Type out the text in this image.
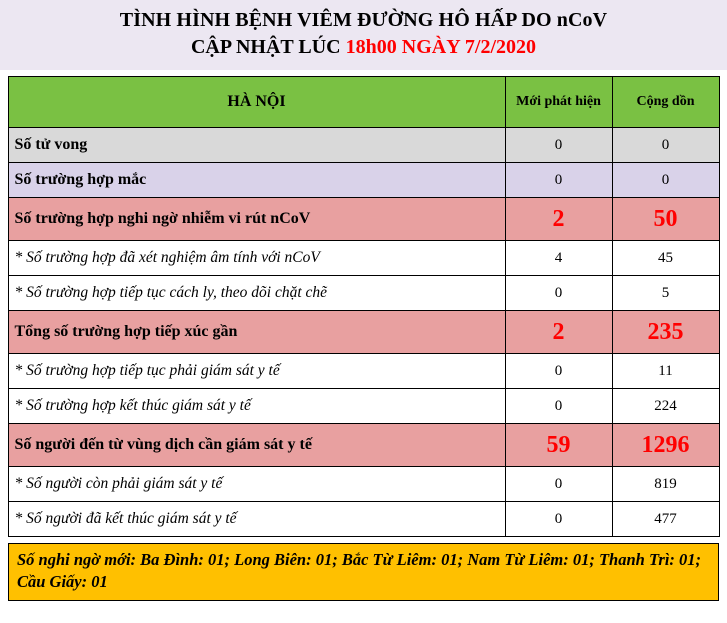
TÌNH HÌNH BỆNH VIÊM ĐƯỜNG HÔ HẤP DO nCoV
CẬP NHẬT LÚC 18h00 NGÀY 7/2/2020
HÀ NỘI	Mới phát hiện	Cộng dồn
Số tử vong	0	0
Số trường hợp mắc	0	0
Số trường hợp nghi ngờ nhiễm vi rút nCoV	2	50
* Số trường hợp đã xét nghiệm âm tính với nCoV	4	45
* Số trường hợp tiếp tục cách ly, theo dõi chặt chẽ	0	5
Tổng số trường hợp tiếp xúc gần	2	235
* Số trường hợp tiếp tục phải giám sát y tế	0	11
* Số trường hợp kết thúc giám sát y tế	0	224
Số người đến từ vùng dịch cần giám sát y tế	59	1296
* Số người còn phải giám sát y tế	0	819
* Số người đã kết thúc giám sát y tế	0	477
Số nghi ngờ mới: Ba Đình: 01; Long Biên: 01; Bắc Từ Liêm: 01; Nam Từ Liêm: 01; Thanh Trì: 01; Cầu Giấy: 01
